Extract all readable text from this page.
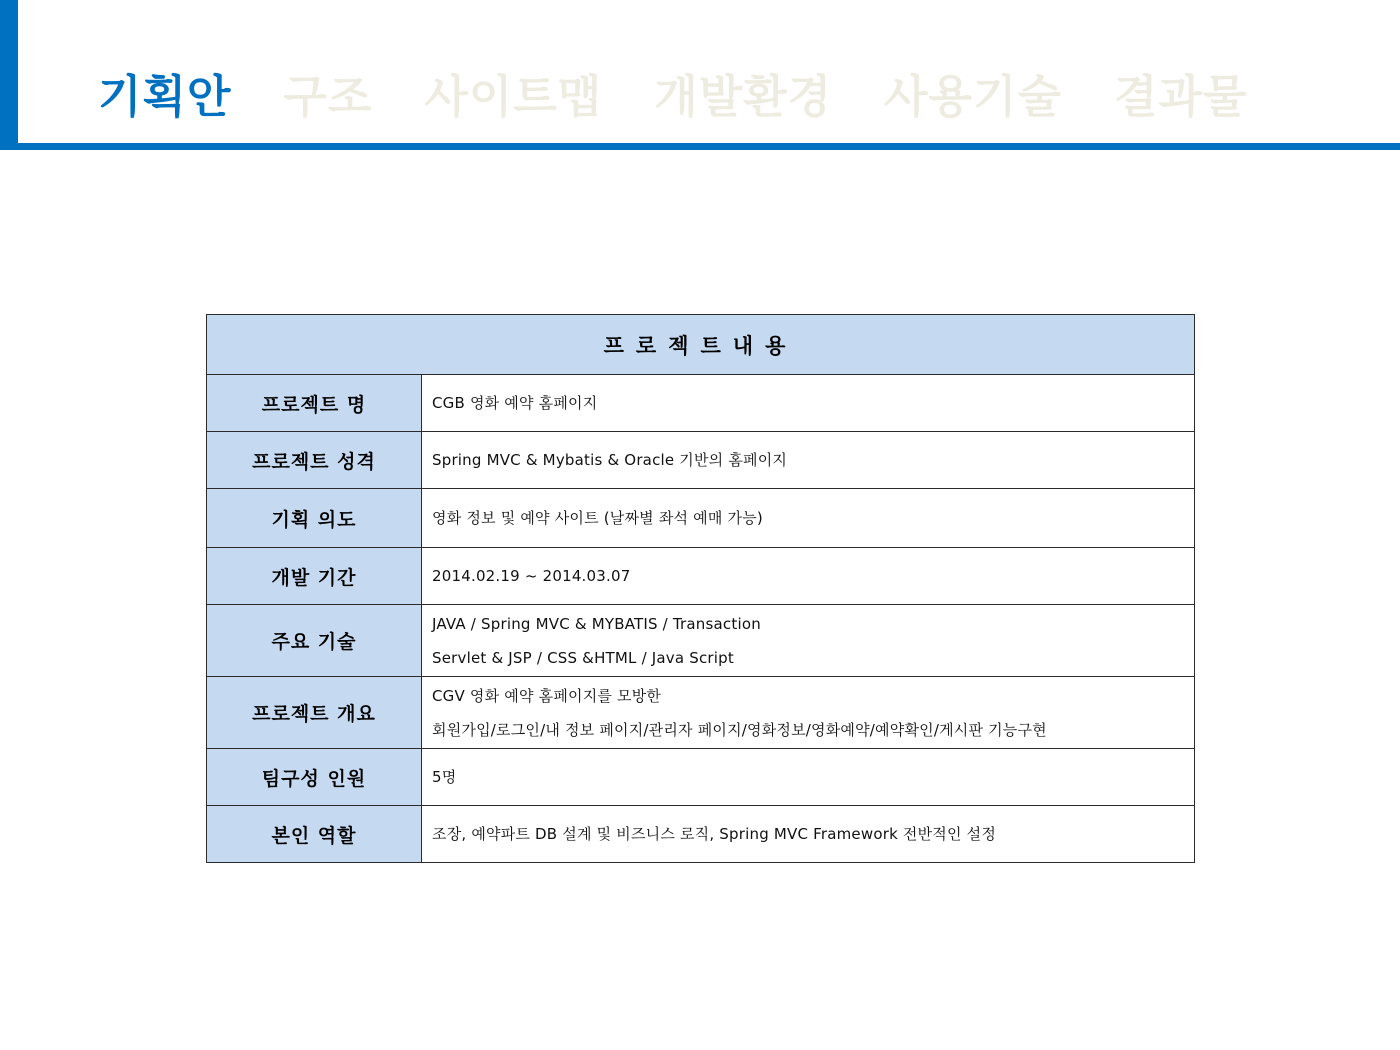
기획안 구조 사이트맵 개발환경 사용기술 결과물
프로젝트내용	
프로젝트 명	CGB 영화 예약 홈페이지

프로젝트 성격	Spring MVC & Mybatis & Oracle 기반의 홈페이지

기획 의도	영화 정보 및 예약 사이트 (날짜별 좌석 예매 가능)

개발 기간	2014.02.19 ~ 2014.03.07

주요 기술	JAVA / Spring MVC & MYBATIS / Transaction
Servlet & JSP / CSS &HTML / Java Script

프로젝트 개요	CGV 영화 예약 홈페이지를 모방한
회원가입/로그인/내 정보 페이지/관리자 페이지/영화정보/영화예약/예약확인/게시판 기능구현

팀구성 인원	5명

본인 역할	조장, 예약파트 DB 설계 및 비즈니스 로직, Spring MVC Framework 전반적인 설정
